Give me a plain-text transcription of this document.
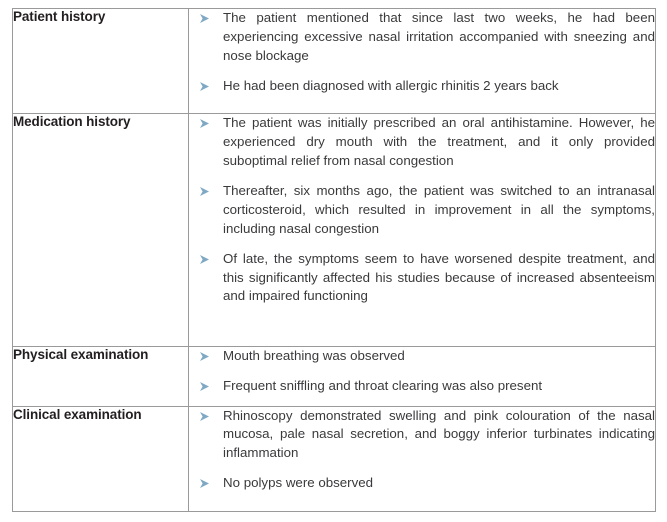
Patient history	The patient mentioned that since last two weeks, he had been experiencing excessive nasal irritation accompanied with sneezing and nose blockage
He had been diagnosed with allergic rhinitis 2 years back

Medication history	The patient was initially prescribed an oral antihistamine. However, he experienced dry mouth with the treatment, and it only provided suboptimal relief from nasal congestion
Thereafter, six months ago, the patient was switched to an intranasal corticosteroid, which resulted in improvement in all the symptoms, including nasal congestion
Of late, the symptoms seem to have worsened despite treatment, and this significantly affected his studies because of increased absenteeism and impaired functioning

Physical examination	Mouth breathing was observed
Frequent sniffling and throat clearing was also present

Clinical examination	Rhinoscopy demonstrated swelling and pink colouration of the nasal mucosa, pale nasal secretion, and boggy inferior turbinates indicating inflammation
No polyps were observed
